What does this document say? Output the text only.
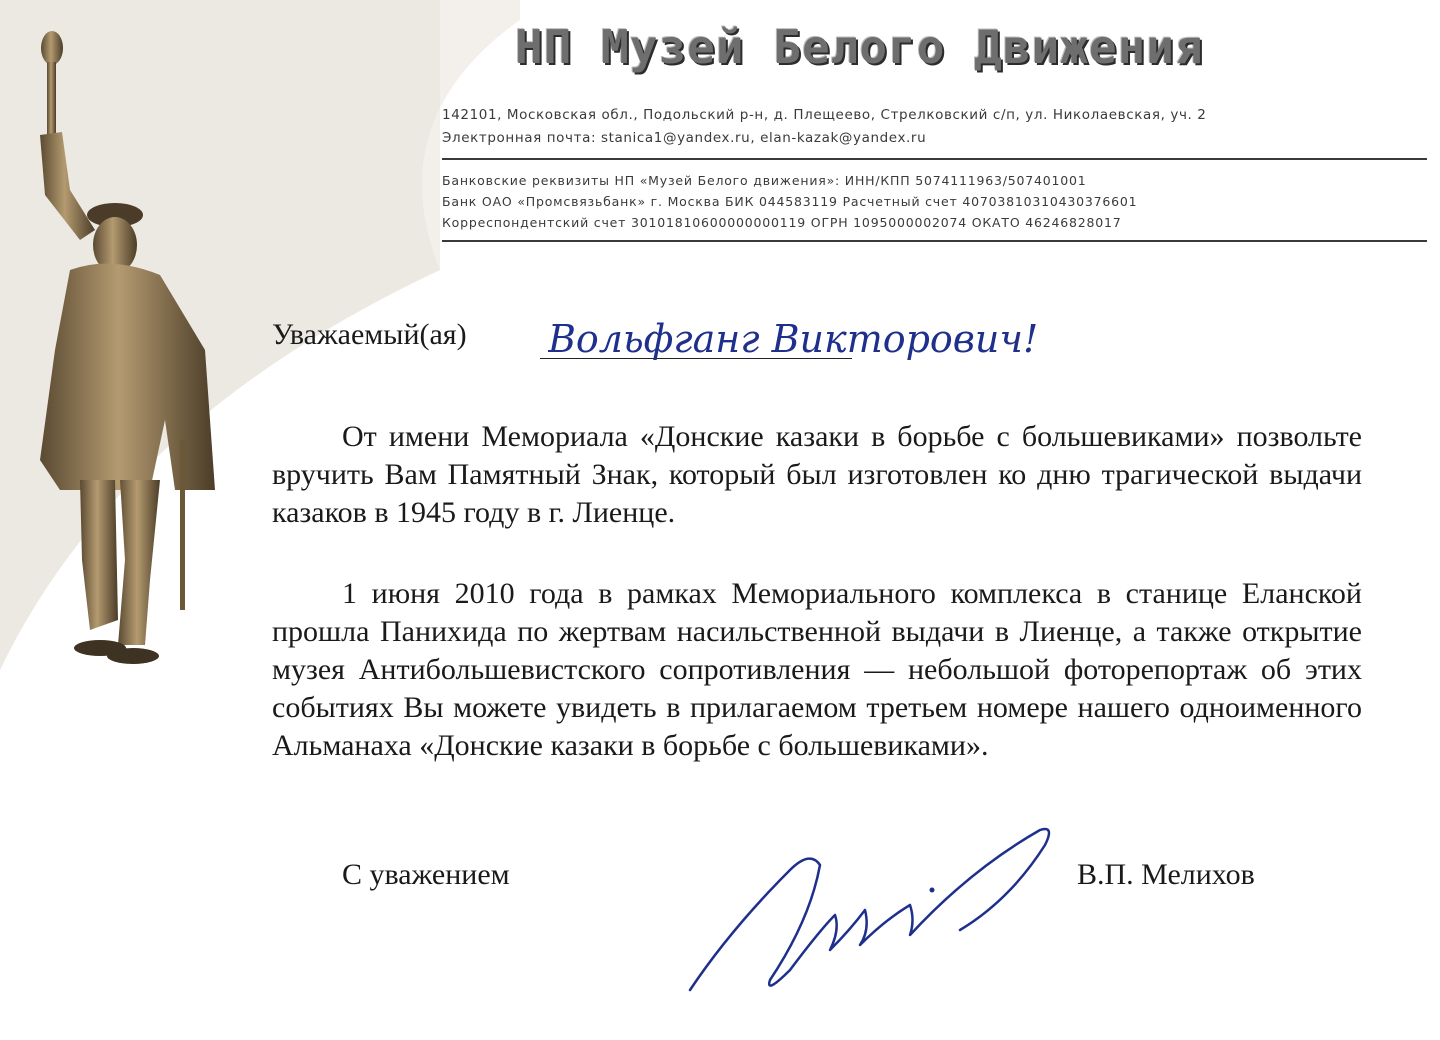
НП Музей Белого Движения
142101, Московская обл., Подольский р-н, д. Плещеево, Стрелковский с/п, ул. Николаевская, уч. 2
Электронная почта: stanica1@yandex.ru, elan-kazak@yandex.ru
Банковские реквизиты НП «Музей Белого движения»: ИНН/КПП 5074111963/507401001
Банк ОАО «Промсвязьбанк» г. Москва БИК 044583119 Расчетный счет 40703810310430376601
Корреспондентский счет 30101810600000000119 ОГРН 1095000002074 ОКАТО 46246828017
Уважаемый(ая) Вольфганг Викторович!

От имени Мемориала «Донские казаки в борьбе с большевиками» позвольте вручить Вам Памятный Знак, который был изготовлен ко дню трагической выдачи казаков в 1945 году в г. Лиенце.

1 июня 2010 года в рамках Мемориального комплекса в станице Еланской прошла Панихида по жертвам насильственной выдачи в Лиенце, а также открытие музея Антибольшевистского сопротивления — небольшой фоторепортаж об этих событиях Вы можете увидеть в прилагаемом третьем номере нашего одноименного Альманаха «Донские казаки в борьбе с большевиками».

С уважением	В.П. Мелихов
